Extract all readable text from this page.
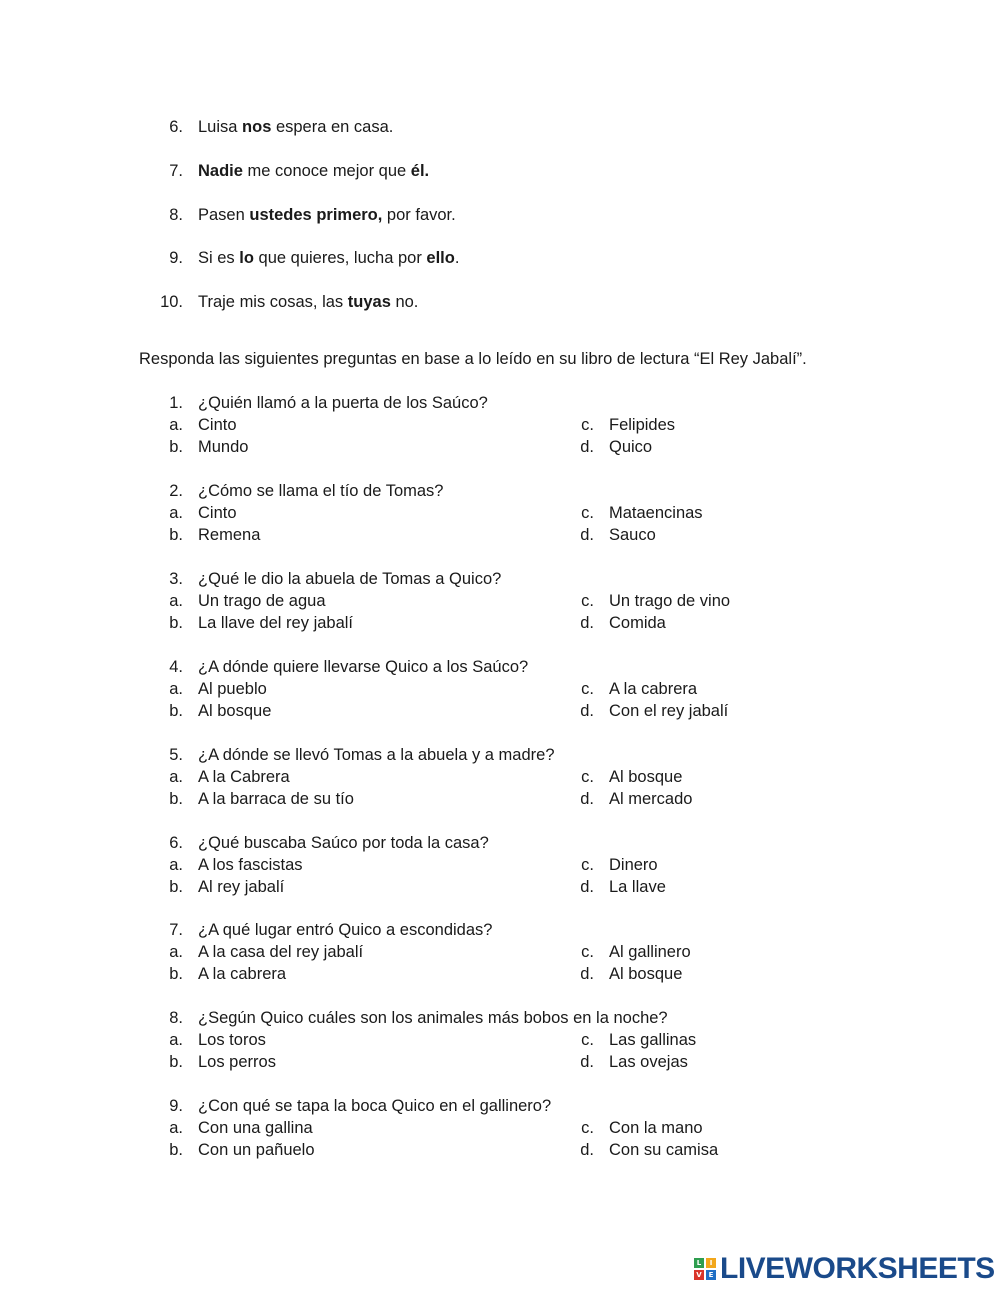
6. Luisa nos espera en casa.
7. Nadie me conoce mejor que él.
8. Pasen ustedes primero, por favor.
9. Si es lo que quieres, lucha por ello.
10. Traje mis cosas, las tuyas no.
1. ¿Quién llamó a la puerta de los Saúco?
a. Cinto
b. Mundo
c. Felipides
d. Quico
2. ¿Cómo se llama el tío de Tomas?
a. Cinto
b. Remena
c. Mataencinas
d. Sauco
3. ¿Qué le dio la abuela de Tomas a Quico?
a. Un trago de agua
b. La llave del rey jabalí
c. Un trago de vino
d. Comida
4. ¿A dónde quiere llevarse Quico a los Saúco?
a. Al pueblo
b. Al bosque
c. A la cabrera
d. Con el rey jabalí
5. ¿A dónde se llevó Tomas a la abuela y a madre?
a. A la Cabrera
b. A la barraca de su tío
c. Al bosque
d. Al mercado
6. ¿Qué buscaba Saúco por toda la casa?
a. A los fascistas
b. Al rey jabalí
c. Dinero
d. La llave
7. ¿A qué lugar entró Quico a escondidas?
a. A la casa del rey jabalí
b. A la cabrera
c. Al gallinero
d. Al bosque
8. ¿Según Quico cuáles son los animales más bobos en la noche?
a. Los toros
b. Los perros
c. Las gallinas
d. Las ovejas
9. ¿Con qué se tapa la boca Quico en el gallinero?
a. Con una gallina
b. Con un pañuelo
c. Con la mano
d. Con su camisa
Responda las siguientes preguntas en base a lo leído en su libro de lectura “El Rey Jabalí”.
L	I
V E LIVEWORKSHEETS
